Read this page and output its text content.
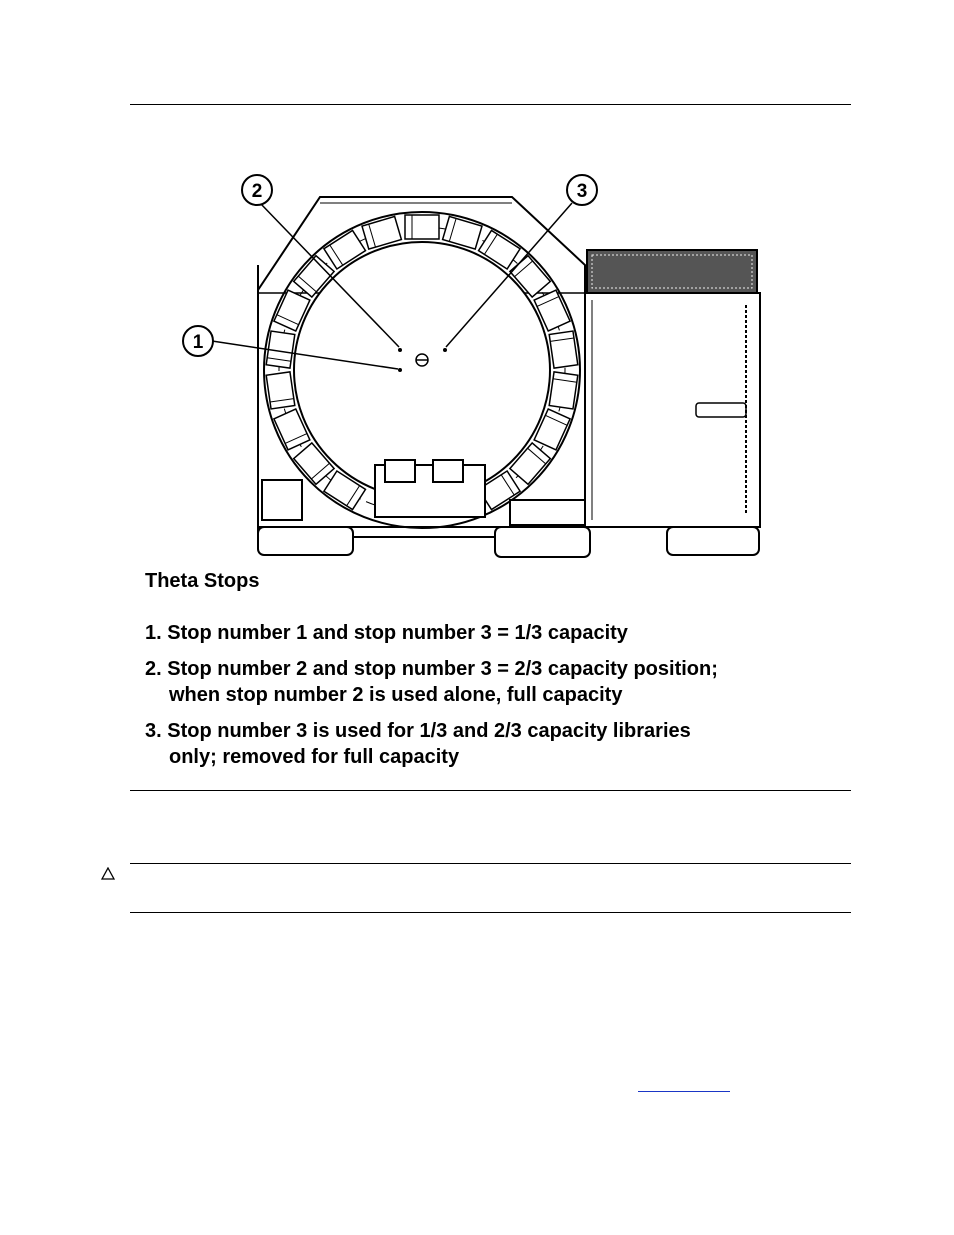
1
2	3
Theta Stops
1. Stop number 1 and stop number 3 = 1/3 capacity
2. Stop number 2 and stop number 3 = 2/3 capacity position;
when stop number 2 is used alone, full capacity
3. Stop number 3 is used for 1/3 and 2/3 capacity libraries
only; removed for full capacity
